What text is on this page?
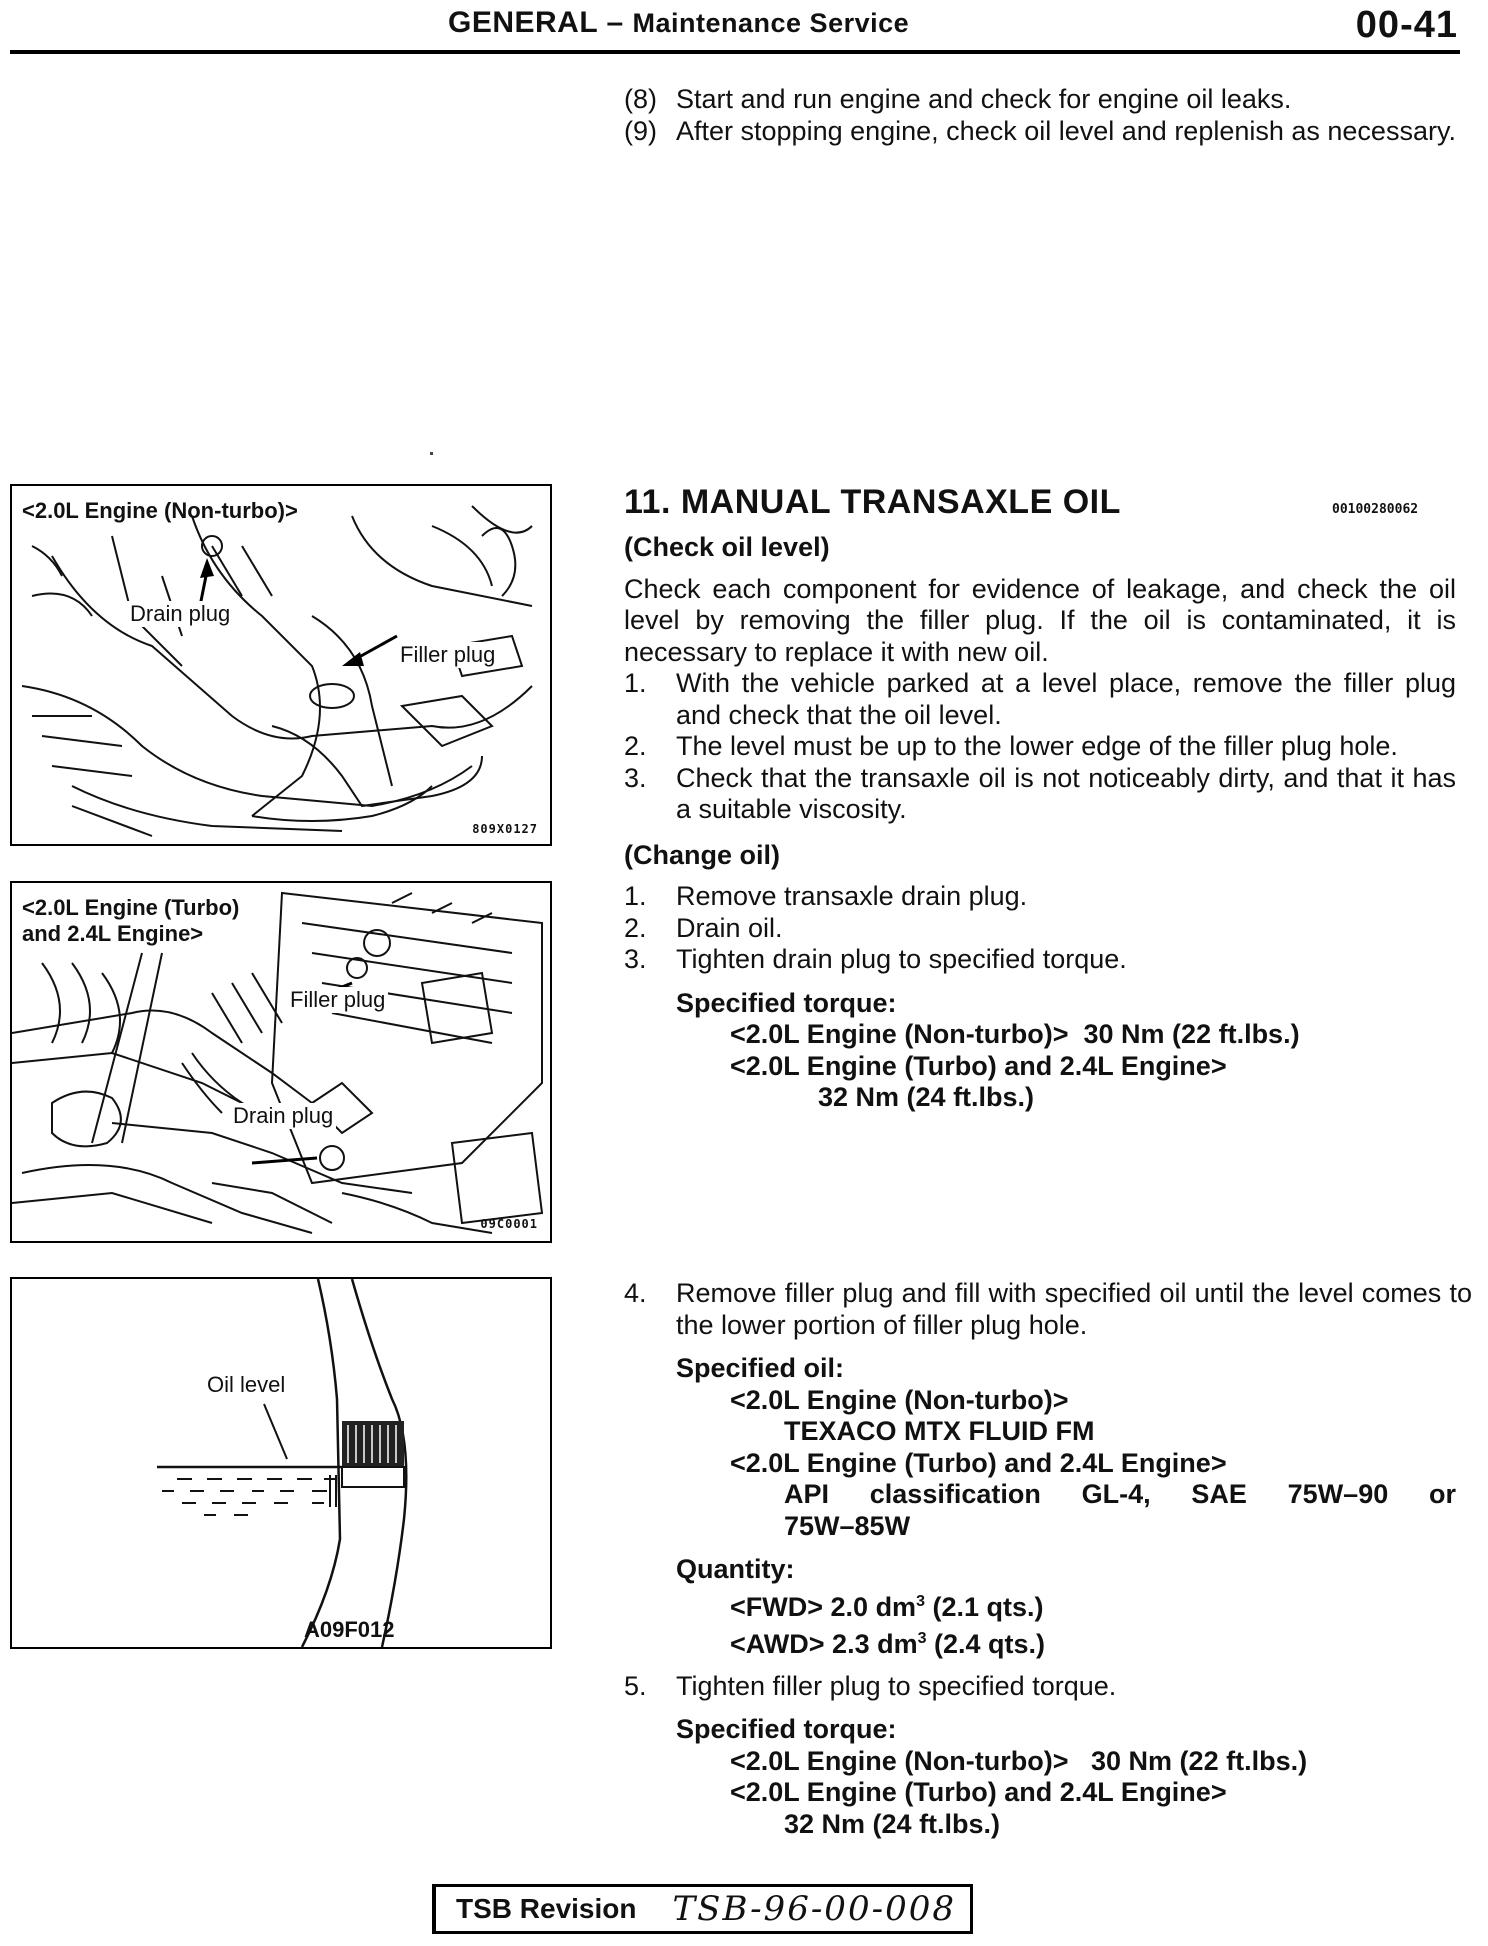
GENERAL – Maintenance Service	00-41
(8) Start and run engine and check for engine oil leaks.
(9) After stopping engine, check oil level and replenish as necessary.
<2.0L Engine (Non-turbo)>
Drain plug
Filler plug
809X0127
<2.0L Engine (Turbo)
and 2.4L Engine>
Filler plug
Drain plug
09C0001
Oil level
A09F012
11. MANUAL TRANSAXLE OIL	00100280062
(Check oil level)
Check each component for evidence of leakage, and check the oil level by removing the filler plug. If the oil is contaminated, it is necessary to replace it with new oil.
1.	With the vehicle parked at a level place, remove the filler plug and check that the oil level.
2.	The level must be up to the lower edge of the filler plug hole.
3.	Check that the transaxle oil is not noticeably dirty, and that it has a suitable viscosity.
(Change oil)
1.	Remove transaxle drain plug.
2.	Drain oil.
3.	Tighten drain plug to specified torque.
Specified torque:
<2.0L Engine (Non-turbo)>  30 Nm (22 ft.lbs.)
<2.0L Engine (Turbo) and 2.4L Engine>
32 Nm (24 ft.lbs.)
4.	Remove filler plug and fill with specified oil until the level comes to the lower portion of filler plug hole.
Specified oil:
<2.0L Engine (Non-turbo)>
TEXACO MTX FLUID FM
<2.0L Engine (Turbo) and 2.4L Engine>
API classification GL-4, SAE 75W–90 or
75W–85W
Quantity:
<FWD> 2.0 $dm^3$ (2.1 qts.)
<AWD> 2.3 $dm^3$ (2.4 qts.)
5.	Tighten filler plug to specified torque.
Specified torque:
<2.0L Engine (Non-turbo)>   30 Nm (22 ft.lbs.)
<2.0L Engine (Turbo) and 2.4L Engine>
32 Nm (24 ft.lbs.)
TSB Revision TSB-96-00-008
